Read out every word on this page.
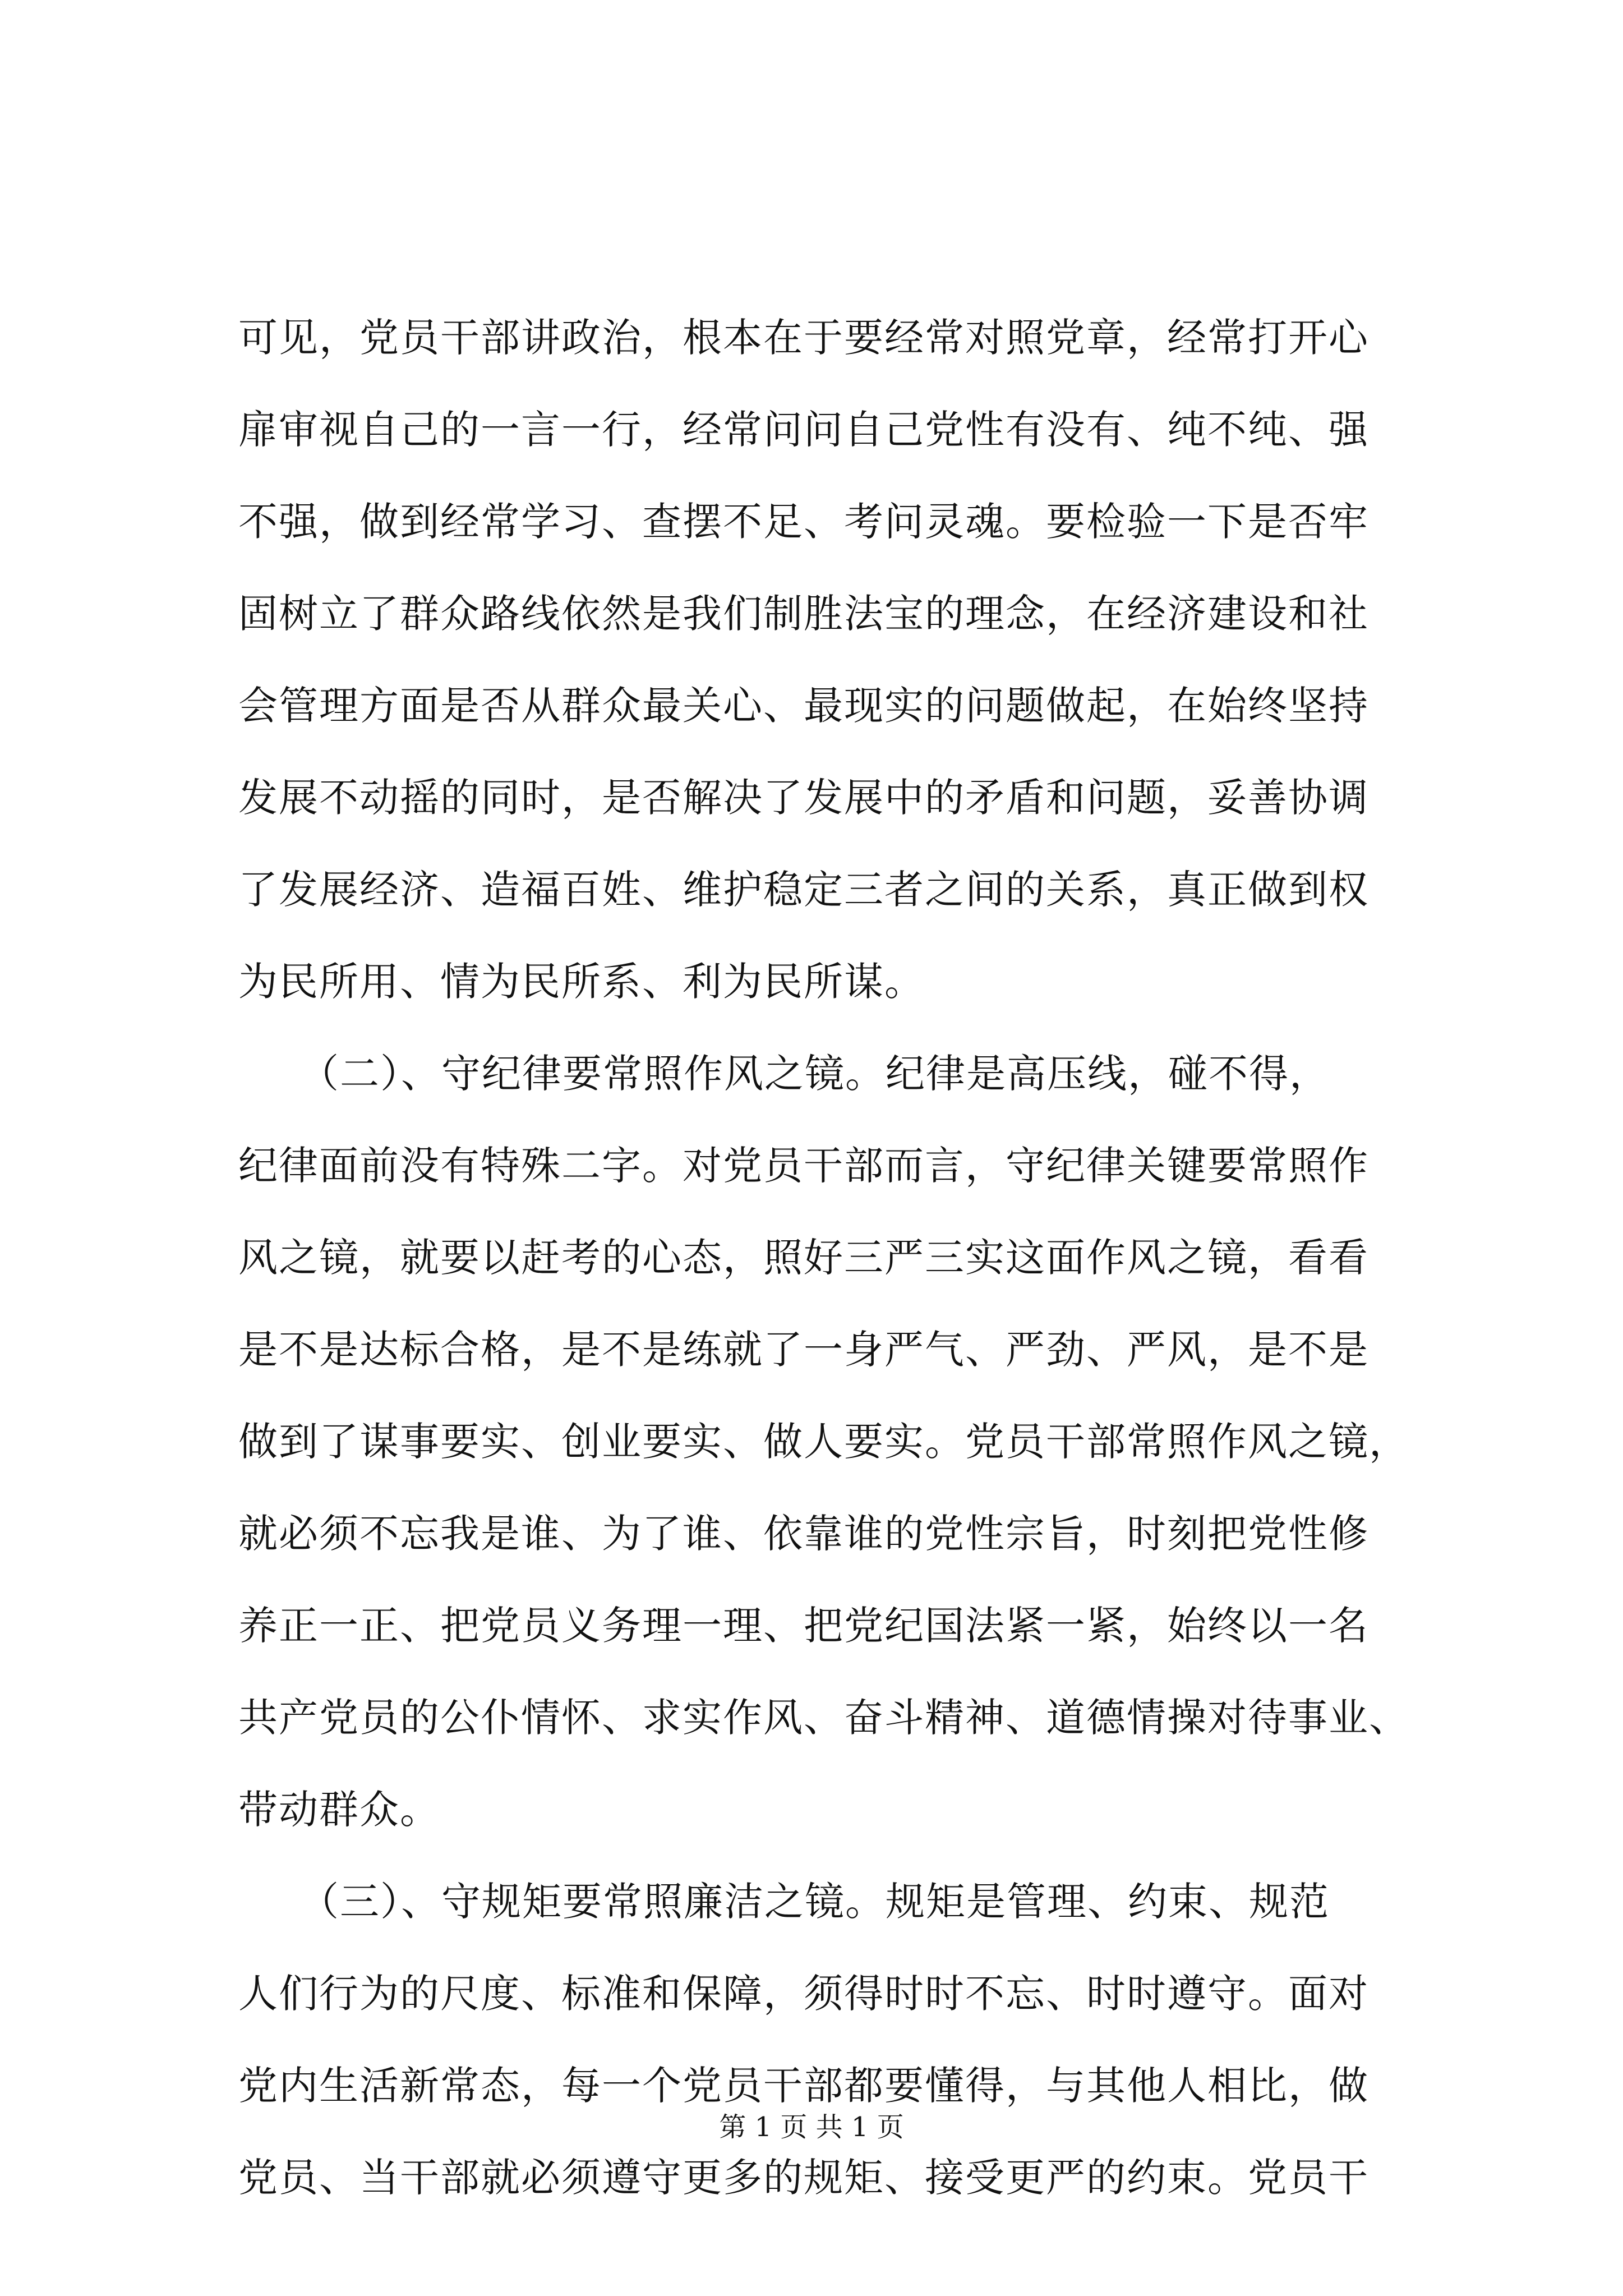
可见，党员干部讲政治，根本在于要经常对照党章，经常打开心
扉审视自己的一言一行，经常问问自己党性有没有、纯不纯、强
不强，做到经常学习、查摆不足、考问灵魂。要检验一下是否牢
固树立了群众路线依然是我们制胜法宝的理念，在经济建设和社
会管理方面是否从群众最关心、最现实的问题做起，在始终坚持
发展不动摇的同时，是否解决了发展中的矛盾和问题，妥善协调
了发展经济、造福百姓、维护稳定三者之间的关系，真正做到权
为民所用、情为民所系、利为民所谋。
　　（二）、守纪律要常照作风之镜。纪律是高压线，碰不得，
纪律面前没有特殊二字。对党员干部而言，守纪律关键要常照作
风之镜，就要以赶考的心态，照好三严三实这面作风之镜，看看
是不是达标合格，是不是练就了一身严气、严劲、严风，是不是
做到了谋事要实、创业要实、做人要实。党员干部常照作风之镜，
就必须不忘我是谁、为了谁、依靠谁的党性宗旨，时刻把党性修
养正一正、把党员义务理一理、把党纪国法紧一紧，始终以一名
共产党员的公仆情怀、求实作风、奋斗精神、道德情操对待事业、
带动群众。
　　（三）、守规矩要常照廉洁之镜。规矩是管理、约束、规范
人们行为的尺度、标准和保障，须得时时不忘、时时遵守。面对
党内生活新常态，每一个党员干部都要懂得，与其他人相比，做
党员、当干部就必须遵守更多的规矩、接受更严的约束。党员干
第 1 页 共 1 页
